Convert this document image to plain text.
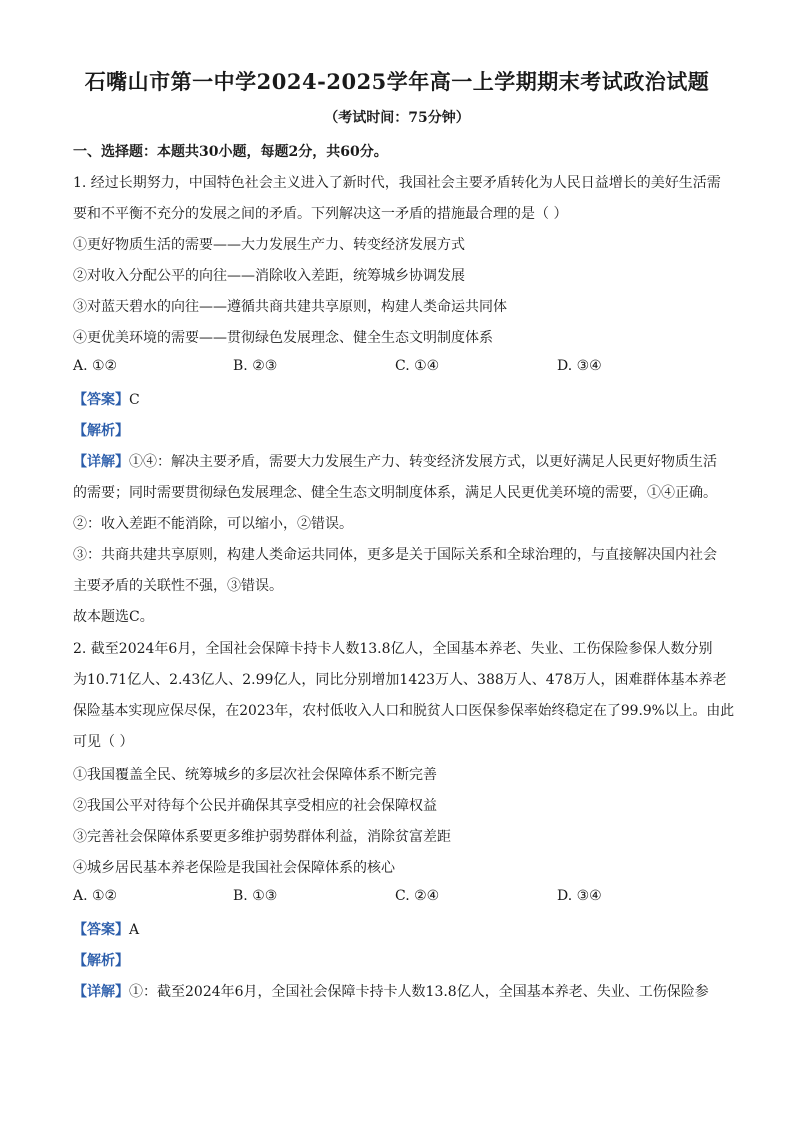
石嘴山市第一中学2024-2025学年高一上学期期末考试政治试题
（考试时间：75分钟）
一、选择题：本题共30小题，每题2分，共60分。
1. 经过长期努力，中国特色社会主义进入了新时代，我国社会主要矛盾转化为人民日益增长的美好生活需
要和不平衡不充分的发展之间的矛盾。下列解决这一矛盾的措施最合理的是（ ）
①更好物质生活的需要——大力发展生产力、转变经济发展方式
②对收入分配公平的向往——消除收入差距，统筹城乡协调发展
③对蓝天碧水的向往——遵循共商共建共享原则，构建人类命运共同体
④更优美环境的需要——贯彻绿色发展理念、健全生态文明制度体系
A. ①②	B. ②③	C. ①④	D. ③④
【答案】C
【解析】
【详解】①④：解决主要矛盾，需要大力发展生产力、转变经济发展方式，以更好满足人民更好物质生活
的需要；同时需要贯彻绿色发展理念、健全生态文明制度体系，满足人民更优美环境的需要，①④正确。
②：收入差距不能消除，可以缩小，②错误。
③：共商共建共享原则，构建人类命运共同体，更多是关于国际关系和全球治理的，与直接解决国内社会
主要矛盾的关联性不强，③错误。
故本题选C。
2. 截至2024年6月，全国社会保障卡持卡人数13.8亿人，全国基本养老、失业、工伤保险参保人数分别
为10.71亿人、2.43亿人、2.99亿人，同比分别增加1423万人、388万人、478万人，困难群体基本养老
保险基本实现应保尽保，在2023年，农村低收入人口和脱贫人口医保参保率始终稳定在了99.9%以上。由此
可见（ ）
①我国覆盖全民、统筹城乡的多层次社会保障体系不断完善
②我国公平对待每个公民并确保其享受相应的社会保障权益
③完善社会保障体系要更多维护弱势群体利益，消除贫富差距
④城乡居民基本养老保险是我国社会保障体系的核心
A. ①②	B. ①③	C. ②④	D. ③④
【答案】A
【解析】
【详解】①：截至2024年6月，全国社会保障卡持卡人数13.8亿人，全国基本养老、失业、工伤保险参
